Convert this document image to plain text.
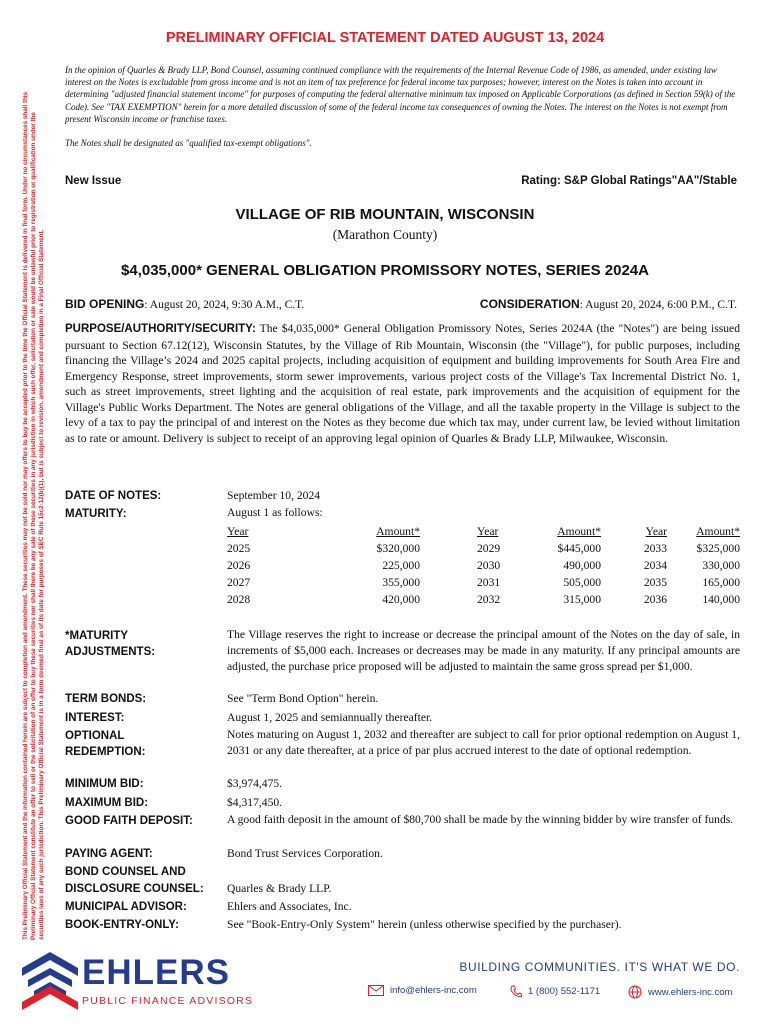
PRELIMINARY OFFICIAL STATEMENT DATED AUGUST 13, 2024
This Preliminary Official Statement and the information contained herein are subject to completion and amendment. These securities may not be sold nor may offers to buy be accepted prior to the time the Official Statement is delivered in final form. Under no circumstances shall this Preliminary Official Statement constitute an offer to sell or the solicitation of an offer to buy these securities nor shall there be any sale of these securities in any jurisdiction in which such offer, solicitation or sale would be unlawful prior to registration or qualification under the securities laws of any such jurisdiction. This Preliminary Official Statement is in a form deemed final as of its date for purposes of SEC Rule 15c2-12(b)(1), but is subject to revision, amendment and completion in a Final Official Statement.
In the opinion of Quarles & Brady LLP, Bond Counsel, assuming continued compliance with the requirements of the Internal Revenue Code of 1986, as amended, under existing law interest on the Notes is excludable from gross income and is not an item of tax preference for federal income tax purposes; however, interest on the Notes is taken into account in determining "adjusted financial statement income" for purposes of computing the federal alternative minimum tax imposed on Applicable Corporations (as defined in Section 59(k) of the Code). See "TAX EXEMPTION" herein for a more detailed discussion of some of the federal income tax consequences of owning the Notes. The interest on the Notes is not exempt from present Wisconsin income or franchise taxes.
The Notes shall be designated as "qualified tax-exempt obligations".
New Issue	Rating: S&P Global Ratings"AA"/Stable
VILLAGE OF RIB MOUNTAIN, WISCONSIN
(Marathon County)
$4,035,000* GENERAL OBLIGATION PROMISSORY NOTES, SERIES 2024A
BID OPENING: August 20, 2024, 9:30 A.M., C.T.	CONSIDERATION: August 20, 2024, 6:00 P.M., C.T.
PURPOSE/AUTHORITY/SECURITY: The $4,035,000* General Obligation Promissory Notes, Series 2024A (the "Notes") are being issued pursuant to Section 67.12(12), Wisconsin Statutes, by the Village of Rib Mountain, Wisconsin (the "Village"), for public purposes, including financing the Village’s 2024 and 2025 capital projects, including acquisition of equipment and building improvements for South Area Fire and Emergency Response, street improvements, storm sewer improvements, various project costs of the Village's Tax Incremental District No. 1, such as street improvements, street lighting and the acquisition of real estate, park improvements and the acquisition of equipment for the Village's Public Works Department. The Notes are general obligations of the Village, and all the taxable property in the Village is subject to the levy of a tax to pay the principal of and interest on the Notes as they become due which tax may, under current law, be levied without limitation as to rate or amount. Delivery is subject to receipt of an approving legal opinion of Quarles & Brady LLP, Milwaukee, Wisconsin.
DATE OF NOTES:	September 10, 2024
MATURITY:	August 1 as follows:
Year		Amount*		Year	Amount*	Year	Amount*
2025		$320,000		2029	$445,000	2033	$325,000
2026		225,000		2030	490,000	2034	330,000
2027		355,000		2031	505,000	2035	165,000
2028		420,000		2032	315,000	2036	140,000
*MATURITY
ADJUSTMENTS:
The Village reserves the right to increase or decrease the principal amount of the Notes on the day of sale, in increments of $5,000 each. Increases or decreases may be made in any maturity. If any principal amounts are adjusted, the purchase price proposed will be adjusted to maintain the same gross spread per $1,000.
TERM BONDS:	See "Term Bond Option" herein.
INTEREST:	August 1, 2025 and semiannually thereafter.
OPTIONAL
REDEMPTION:
Notes maturing on August 1, 2032 and thereafter are subject to call for prior optional redemption on August 1, 2031 or any date thereafter, at a price of par plus accrued interest to the date of optional redemption.
MINIMUM BID:	$3,974,475.
MAXIMUM BID:	$4,317,450.
GOOD FAITH DEPOSIT:	A good faith deposit in the amount of $80,700 shall be made by the winning bidder by wire transfer of funds.
PAYING AGENT:	Bond Trust Services Corporation.
BOND COUNSEL AND
DISCLOSURE COUNSEL: Quarles & Brady LLP.
MUNICIPAL ADVISOR:	Ehlers and Associates, Inc.
BOOK-ENTRY-ONLY:	See "Book-Entry-Only System" herein (unless otherwise specified by the purchaser).
EHLERS
PUBLIC FINANCE ADVISORS
BUILDING COMMUNITIES. IT'S WHAT WE DO.
info@ehlers-inc.com	1 (800) 552-1171	www.ehlers-inc.com
